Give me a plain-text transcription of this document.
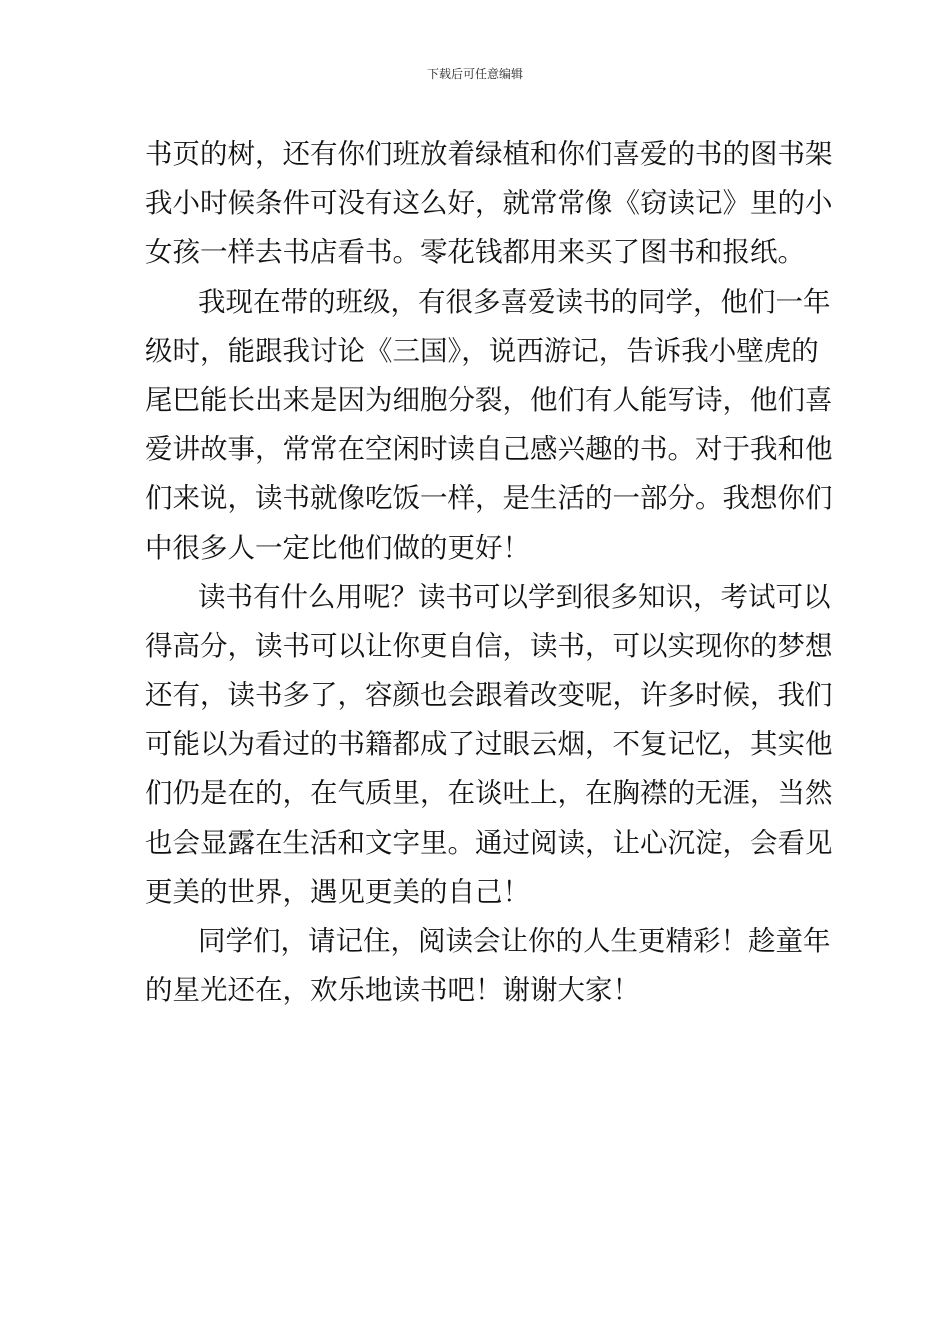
下载后可任意编辑
书页的树，还有你们班放着绿植和你们喜爱的书的图书架
我小时候条件可没有这么好，就常常像《窃读记》里的小
女孩一样去书店看书。零花钱都用来买了图书和报纸。
我现在带的班级，有很多喜爱读书的同学，他们一年
级时，能跟我讨论《三国》，说西游记，告诉我小壁虎的
尾巴能长出来是因为细胞分裂，他们有人能写诗，他们喜
爱讲故事，常常在空闲时读自己感兴趣的书。对于我和他
们来说，读书就像吃饭一样，是生活的一部分。我想你们
中很多人一定比他们做的更好！
读书有什么用呢？读书可以学到很多知识，考试可以
得高分，读书可以让你更自信，读书，可以实现你的梦想
还有，读书多了，容颜也会跟着改变呢，许多时候，我们
可能以为看过的书籍都成了过眼云烟，不复记忆，其实他
们仍是在的，在气质里，在谈吐上，在胸襟的无涯，当然
也会显露在生活和文字里。通过阅读，让心沉淀，会看见
更美的世界，遇见更美的自己！
同学们，请记住，阅读会让你的人生更精彩！趁童年
的星光还在，欢乐地读书吧！谢谢大家！
